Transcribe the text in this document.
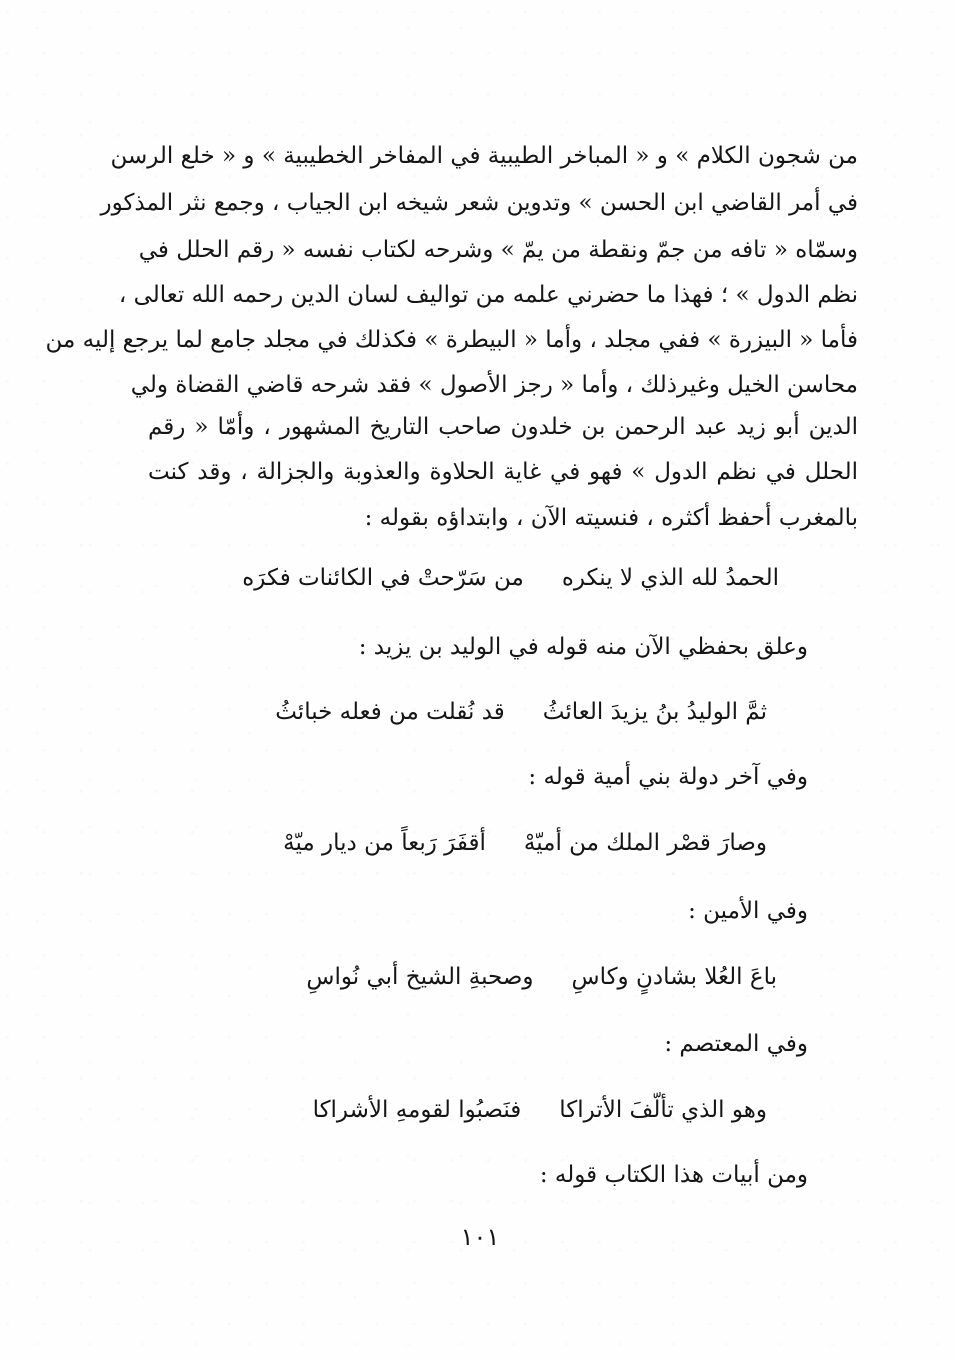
من شجون الكلام » و « المباخر الطيبية في المفاخر الخطيبية » و « خلع الرسن
في أمر القاضي ابن الحسن » وتدوين شعر شيخه ابن الجياب ، وجمع نثر المذكور
وسمّاه « تافه من جمّ ونقطة من يمّ » وشرحه لكتاب نفسه « رقم الحلل في
نظم الدول » ؛ فهذا ما حضرني علمه من تواليف لسان الدين رحمه الله تعالى ،
فأما « البيزرة » ففي مجلد ، وأما « البيطرة » فكذلك في مجلد جامع لما يرجع إليه من
محاسن الخيل وغيرذلك ، وأما « رجز الأصول » فقد شرحه قاضي القضاة ولي
الدين أبو زيد عبد الرحمن بن خلدون صاحب التاريخ المشهور ، وأمّا « رقم
الحلل في نظم الدول » فهو في غاية الحلاوة والعذوبة والجزالة ، وقد كنت
بالمغرب أحفظ أكثره ، فنسيته الآن ، وابتداؤه بقوله :
الحمدُ لله الذي لا ينكرهمن سَرّحتْ في الكائنات فكرَه
وعلق بحفظي الآن منه قوله في الوليد بن يزيد :
ثمَّ الوليدُ بنُ يزيدَ العائثُقد نُقلت من فعله خبائثُ
وفي آخر دولة بني أمية قوله :
وصارَ قصْر الملك من أميّهْأقفَرَ رَبعاً من ديار ميّهْ
وفي الأمين :
باعَ العُلا بشادنٍ وكاسِوصحبةِ الشيخ أبي نُواسِ
وفي المعتصم :
وهو الذي تألّفَ الأتراكافنَصبُوا لقومهِ الأشراكا
ومن أبيات هذا الكتاب قوله :
١٠١
